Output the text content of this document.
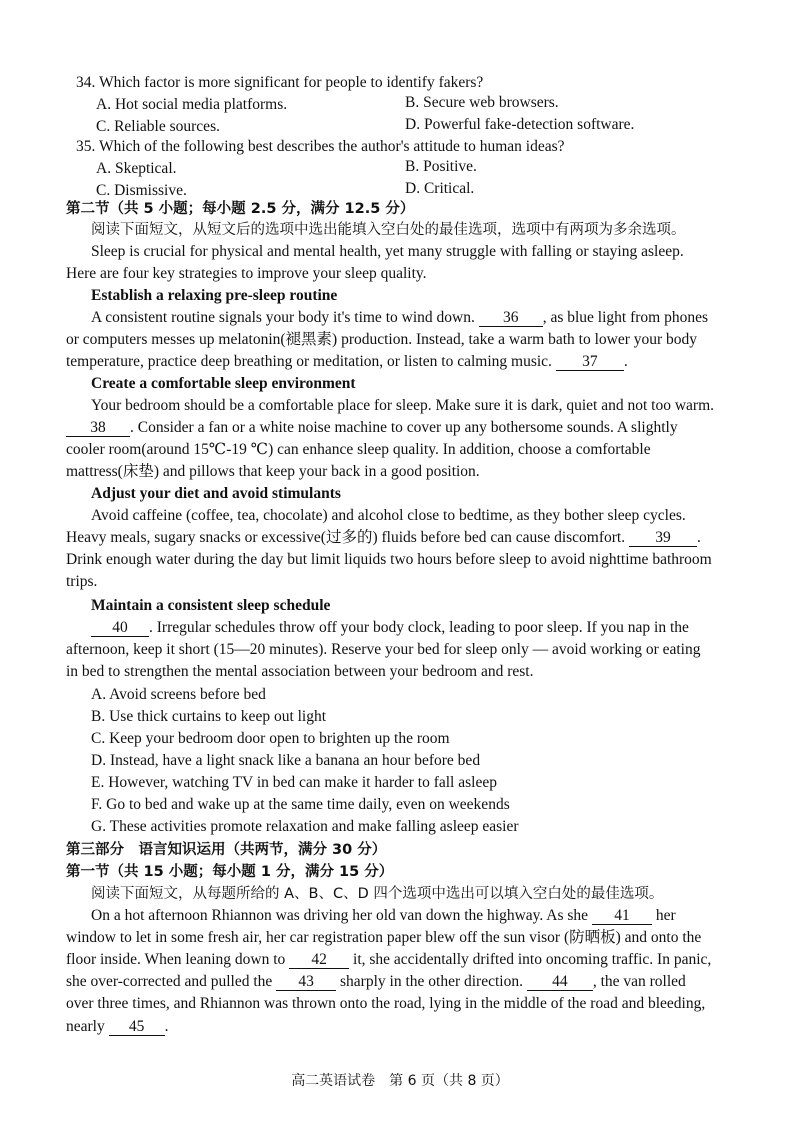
34. Which factor is more significant for people to identify fakers?
A. Hot social media platforms.	B. Secure web browsers.
C. Reliable sources.	D. Powerful fake-detection software.
35. Which of the following best describes the author's attitude to human ideas?
A. Skeptical.	B. Positive.
C. Dismissive.	D. Critical.
第二节（共 5 小题；每小题 2.5 分，满分 12.5 分）
阅读下面短文，从短文后的选项中选出能填入空白处的最佳选项，选项中有两项为多余选项。
Sleep is crucial for physical and mental health, yet many struggle with falling or staying asleep.
Here are four key strategies to improve your sleep quality.
Establish a relaxing pre-sleep routine
A consistent routine signals your body it's time to wind down. 36 , as blue light from phones
or computers messes up melatonin(褪黑素) production. Instead, take a warm bath to lower your body
temperature, practice deep breathing or meditation, or listen to calming music. 37 .
Create a comfortable sleep environment
Your bedroom should be a comfortable place for sleep. Make sure it is dark, quiet and not too warm.
38 . Consider a fan or a white noise machine to cover up any bothersome sounds. A slightly
cooler room(around 15℃-19 ℃) can enhance sleep quality. In addition, choose a comfortable
mattress(床垫) and pillows that keep your back in a good position.
Adjust your diet and avoid stimulants
Avoid caffeine (coffee, tea, chocolate) and alcohol close to bedtime, as they bother sleep cycles.
Heavy meals, sugary snacks or excessive(过多的) fluids before bed can cause discomfort. 39 .
Drink enough water during the day but limit liquids two hours before sleep to avoid nighttime bathroom
trips.
Maintain a consistent sleep schedule
40 . Irregular schedules throw off your body clock, leading to poor sleep. If you nap in the
afternoon, keep it short (15—20 minutes). Reserve your bed for sleep only — avoid working or eating
in bed to strengthen the mental association between your bedroom and rest.
A. Avoid screens before bed
B. Use thick curtains to keep out light
C. Keep your bedroom door open to brighten up the room
D. Instead, have a light snack like a banana an hour before bed
E. However, watching TV in bed can make it harder to fall asleep
F. Go to bed and wake up at the same time daily, even on weekends
G. These activities promote relaxation and make falling asleep easier
第三部分　语言知识运用（共两节，满分 30 分）
第一节（共 15 小题；每小题 1 分，满分 15 分）
阅读下面短文，从每题所给的 A、B、C、D 四个选项中选出可以填入空白处的最佳选项。
On a hot afternoon Rhiannon was driving her old van down the highway. As she 41 her
window to let in some fresh air, her car registration paper blew off the sun visor (防晒板) and onto the
floor inside. When leaning down to 42 it, she accidentally drifted into oncoming traffic. In panic,
she over-corrected and pulled the 43 sharply in the other direction. 44 , the van rolled
over three times, and Rhiannon was thrown onto the road, lying in the middle of the road and bleeding,
nearly 45 .
高二英语试卷　第 6 页（共 8 页）
